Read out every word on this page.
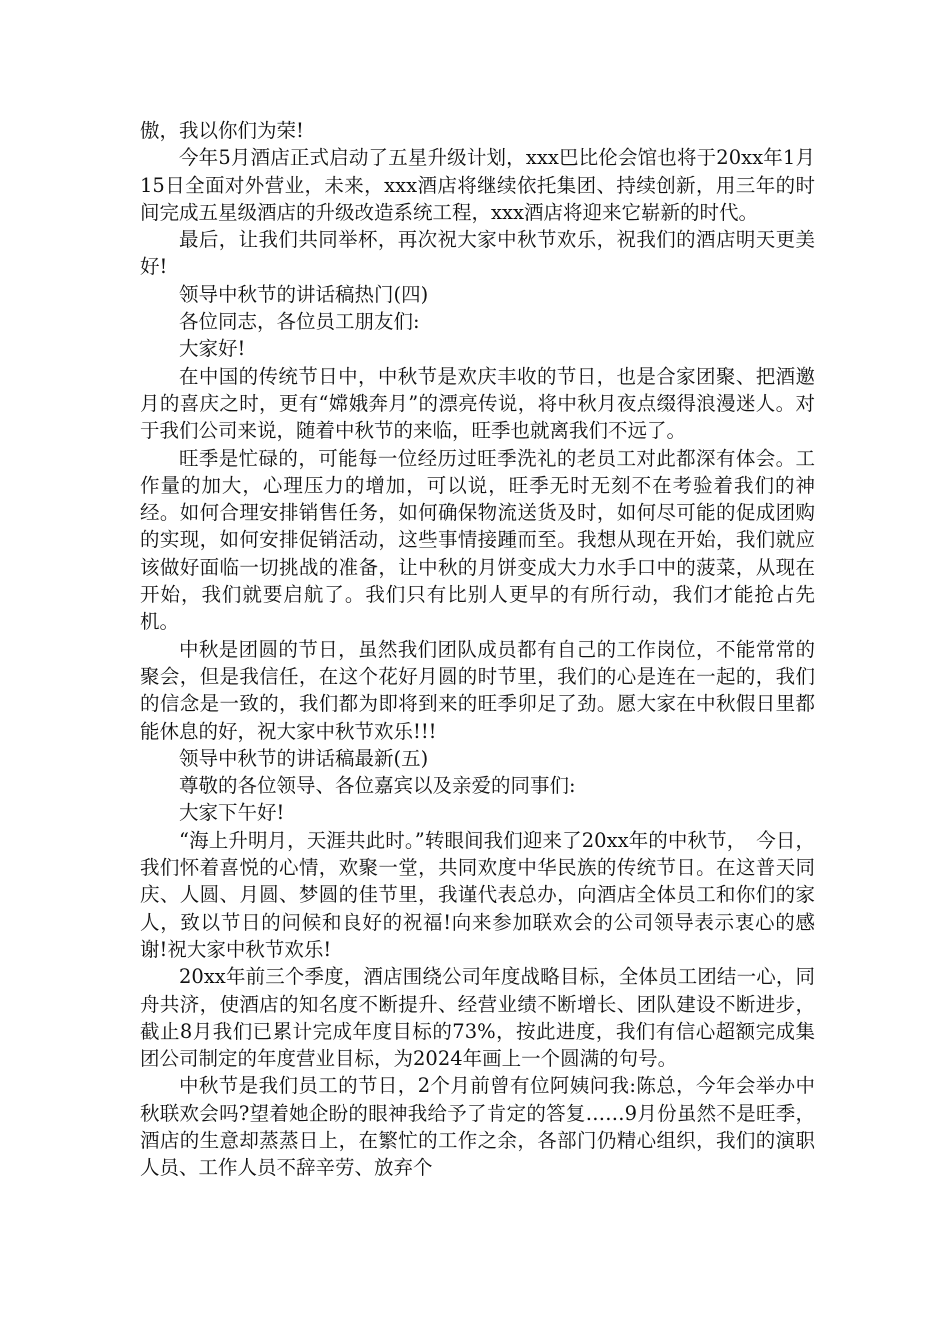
傲，我以你们为荣!

今年5月酒店正式启动了五星升级计划，xxx巴比伦会馆也将于20xx年1月15日全面对外营业，未来，xxx酒店将继续依托集团、持续创新，用三年的时间完成五星级酒店的升级改造系统工程，xxx酒店将迎来它崭新的时代。

最后，让我们共同举杯，再次祝大家中秋节欢乐，祝我们的酒店明天更美好!

领导中秋节的讲话稿热门(四)

各位同志，各位员工朋友们:

大家好!

在中国的传统节日中，中秋节是欢庆丰收的节日，也是合家团聚、把酒邀月的喜庆之时，更有“嫦娥奔月”的漂亮传说，将中秋月夜点缀得浪漫迷人。对于我们公司来说，随着中秋节的来临，旺季也就离我们不远了。

旺季是忙碌的，可能每一位经历过旺季洗礼的老员工对此都深有体会。工作量的加大，心理压力的增加，可以说，旺季无时无刻不在考验着我们的神经。如何合理安排销售任务，如何确保物流送货及时，如何尽可能的促成团购的实现，如何安排促销活动，这些事情接踵而至。我想从现在开始，我们就应该做好面临一切挑战的准备，让中秋的月饼变成大力水手口中的菠菜，从现在开始，我们就要启航了。我们只有比别人更早的有所行动，我们才能抢占先机。

中秋是团圆的节日，虽然我们团队成员都有自己的工作岗位，不能常常的聚会，但是我信任，在这个花好月圆的时节里，我们的心是连在一起的，我们的信念是一致的，我们都为即将到来的旺季卯足了劲。愿大家在中秋假日里都能休息的好，祝大家中秋节欢乐!!!

领导中秋节的讲话稿最新(五)

尊敬的各位领导、各位嘉宾以及亲爱的同事们:

大家下午好!

“海上升明月，天涯共此时。”转眼间我们迎来了20xx年的中秋节，　今日，我们怀着喜悦的心情，欢聚一堂，共同欢度中华民族的传统节日。在这普天同庆、人圆、月圆、梦圆的佳节里，我谨代表总办，向酒店全体员工和你们的家人，致以节日的问候和良好的祝福!向来参加联欢会的公司领导表示衷心的感谢!祝大家中秋节欢乐!

20xx年前三个季度，酒店围绕公司年度战略目标，全体员工团结一心，同舟共济，使酒店的知名度不断提升、经营业绩不断增长、团队建设不断进步，截止8月我们已累计完成年度目标的73%，按此进度，我们有信心超额完成集团公司制定的年度营业目标，为2024年画上一个圆满的句号。

中秋节是我们员工的节日，2个月前曾有位阿姨问我:陈总，今年会举办中秋联欢会吗?望着她企盼的眼神我给予了肯定的答复……9月份虽然不是旺季，酒店的生意却蒸蒸日上，在繁忙的工作之余，各部门仍精心组织，我们的演职人员、工作人员不辞辛劳、放弃个
